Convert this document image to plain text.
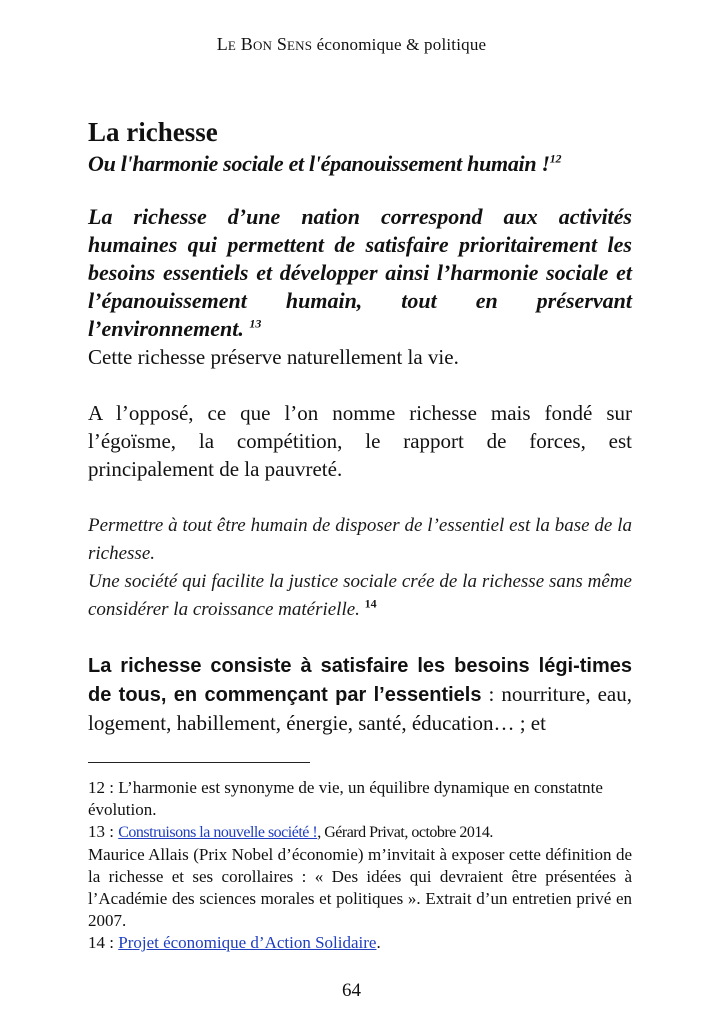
Le Bon Sens économique & politique
La richesse
Ou l'harmonie sociale et l'épanouissement humain !$^{12}$
La richesse d’une nation correspond aux activités humaines qui permettent de satisfaire prioritairement les besoins essentiels et développer ainsi l’harmonie sociale et l’épanouissement humain, tout en préservant l’environnement. $^{13}$
Cette richesse préserve naturellement la vie.
A l’opposé, ce que l’on nomme richesse mais fondé sur l’égoïsme, la compétition, le rapport de forces, est principalement de la pauvreté.
Permettre à tout être humain de disposer de l’essentiel est la base de la richesse.
Une société qui facilite la justice sociale crée de la richesse sans même considérer la croissance matérielle. $^{14}$
La richesse consiste à satisfaire les besoins légi-times de tous, en commençant par l’essentiels : nourriture, eau, logement, habillement, énergie, santé, éducation… ; et

12 : L’harmonie est synonyme de vie, un équilibre dynamique en constatnte évolution.

13 : Construisons la nouvelle société !, Gérard Privat, octobre 2014.

Maurice Allais (Prix Nobel d’économie) m’invitait à exposer cette définition de la richesse et ses corollaires : « Des idées qui devraient être présentées à l’Académie des sciences morales et politiques ». Extrait d’un entretien privé en 2007.

14 : Projet économique d’Action Solidaire.

64
